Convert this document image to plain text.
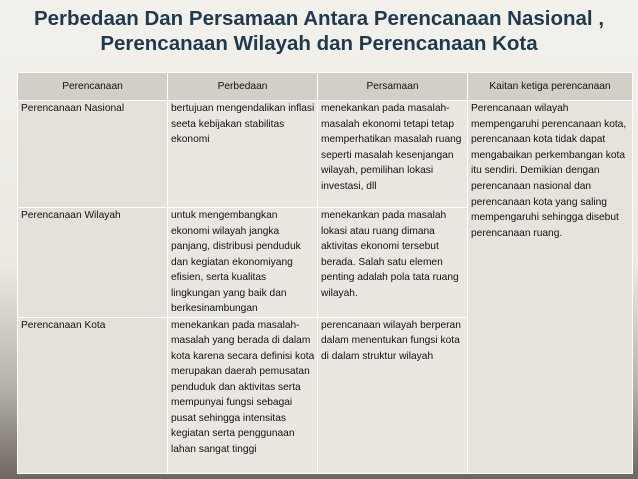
Perbedaan Dan Persamaan Antara Perencanaan Nasional ,
Perencanaan Wilayah dan Perencanaan Kota
Perencanaan	Perbedaan	Persamaan	Kaitan ketiga perencanaan
Perencanaan Nasional	bertujuan mengendalikan inflasi seeta kebijakan stabilitas ekonomi	menekankan pada masalah-masalah ekonomi tetapi tetap memperhatikan masalah ruang seperti masalah kesenjangan wilayah, pemilihan lokasi investasi, dll	Perencanaan wilayah mempengaruhi perencanaan kota, perencanaan kota tidak dapat mengabaikan perkembangan kota itu sendiri. Demikian dengan perencanaan nasional dan perencanaan kota yang saling mempengaruhi sehingga disebut perencanaan ruang.
Perencanaan Wilayah	untuk mengembangkan ekonomi wilayah jangka panjang, distribusi penduduk dan kegiatan ekonomiyang efisien, serta kualitas lingkungan yang baik dan berkesinambungan	menekankan pada masalah lokasi atau ruang dimana aktivitas ekonomi tersebut berada. Salah satu elemen penting adalah pola tata ruang wilayah.	
Perencanaan Kota	menekankan pada masalah-masalah yang berada di dalam kota karena secara definisi kota merupakan daerah pemusatan penduduk dan aktivitas serta mempunyai fungsi sebagai pusat sehingga intensitas kegiatan serta penggunaan lahan sangat tinggi	perencanaan wilayah berperan dalam menentukan fungsi kota di dalam struktur wilayah	
